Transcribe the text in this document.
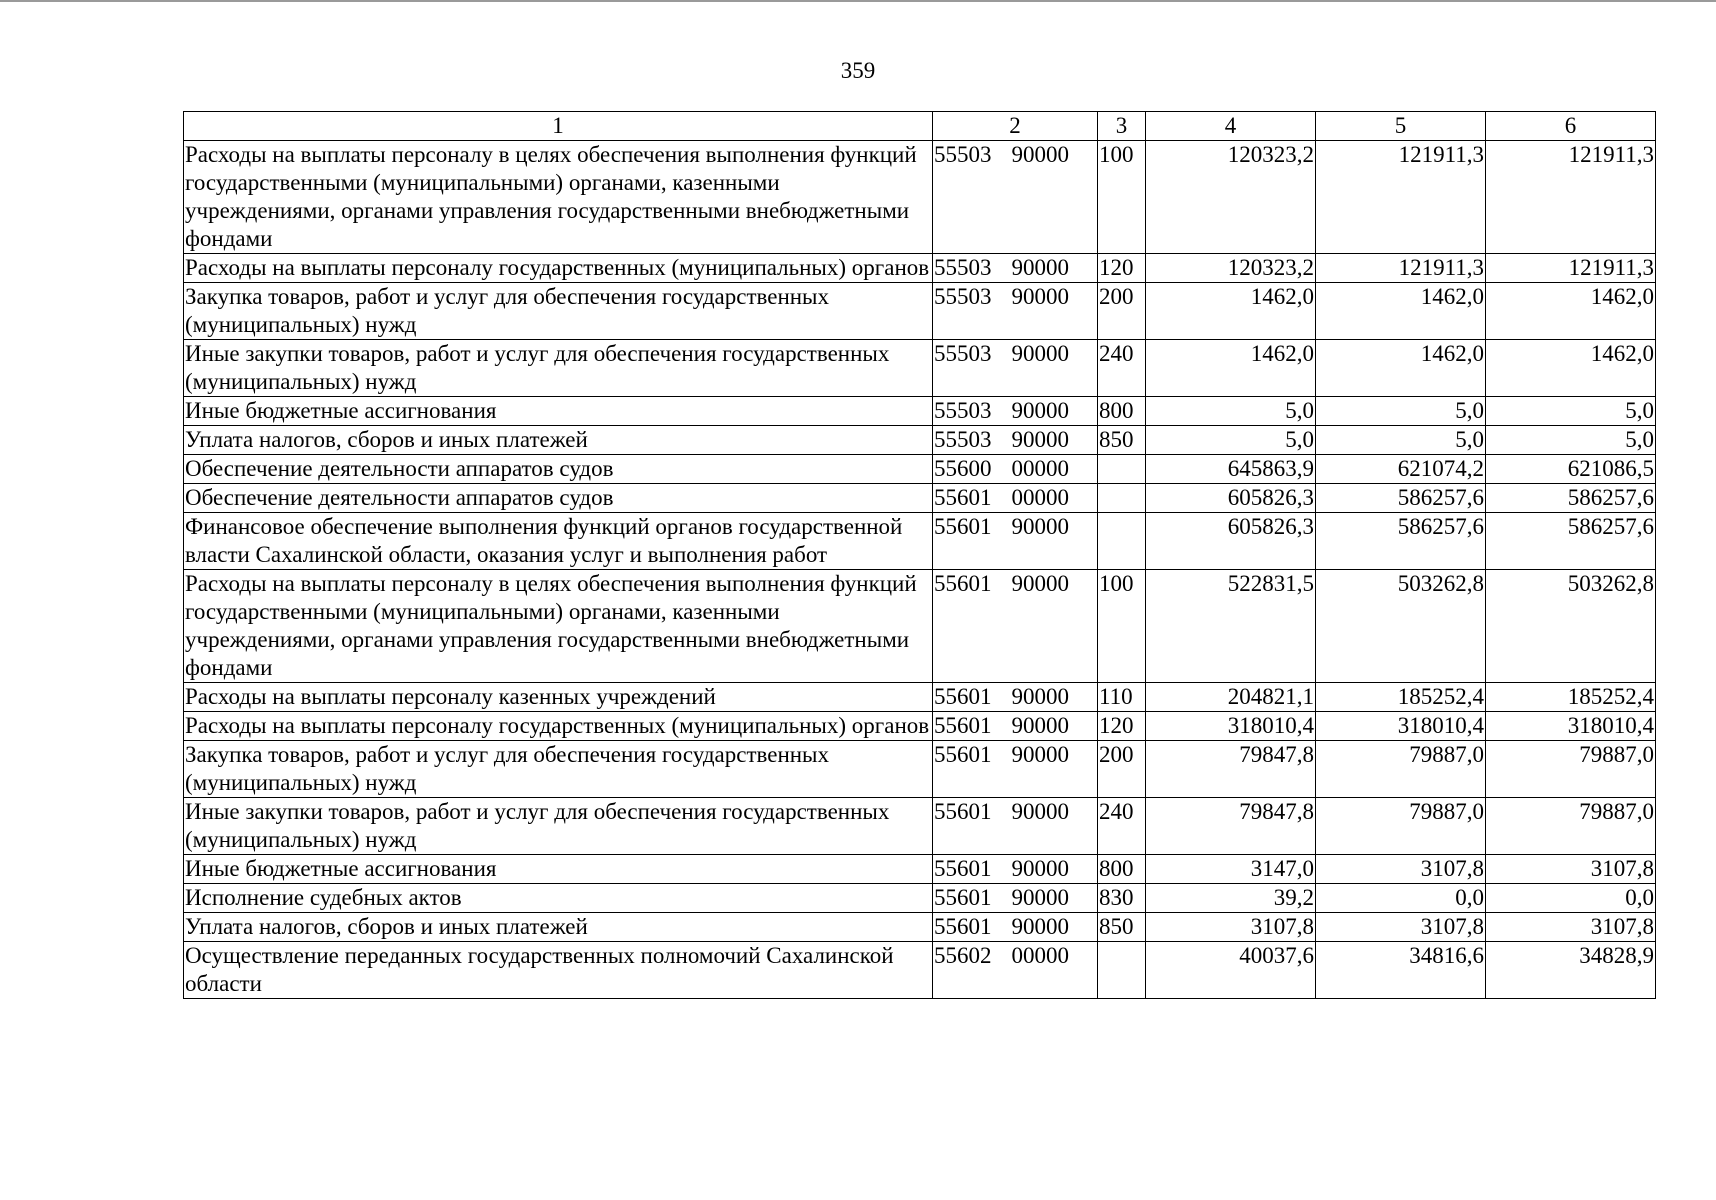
359
1	2	3	4	5	6
Расходы на выплаты персоналу в целях обеспечения выполнения функций государственными (муниципальными) органами, казенными учреждениями, органами управления государственными внебюджетными фондами	55503 90000	100	120323,2	121911,3	121911,3
Расходы на выплаты персоналу государственных (муниципальных) органов	55503 90000	120	120323,2	121911,3	121911,3
Закупка товаров, работ и услуг для обеспечения государственных (муниципальных) нужд	55503 90000	200	1462,0	1462,0	1462,0
Иные закупки товаров, работ и услуг для обеспечения государственных (муниципальных) нужд	55503 90000	240	1462,0	1462,0	1462,0
Иные бюджетные ассигнования	55503 90000	800	5,0	5,0	5,0
Уплата налогов, сборов и иных платежей	55503 90000	850	5,0	5,0	5,0
Обеспечение деятельности аппаратов судов	55600 00000		645863,9	621074,2	621086,5
Обеспечение деятельности аппаратов судов	55601 00000		605826,3	586257,6	586257,6
Финансовое обеспечение выполнения функций органов государственной власти Сахалинской области, оказания услуг и выполнения работ	55601 90000		605826,3	586257,6	586257,6
Расходы на выплаты персоналу в целях обеспечения выполнения функций государственными (муниципальными) органами, казенными учреждениями, органами управления государственными внебюджетными фондами	55601 90000	100	522831,5	503262,8	503262,8
Расходы на выплаты персоналу казенных учреждений	55601 90000	110	204821,1	185252,4	185252,4
Расходы на выплаты персоналу государственных (муниципальных) органов	55601 90000	120	318010,4	318010,4	318010,4
Закупка товаров, работ и услуг для обеспечения государственных (муниципальных) нужд	55601 90000	200	79847,8	79887,0	79887,0
Иные закупки товаров, работ и услуг для обеспечения государственных (муниципальных) нужд	55601 90000	240	79847,8	79887,0	79887,0
Иные бюджетные ассигнования	55601 90000	800	3147,0	3107,8	3107,8
Исполнение судебных актов	55601 90000	830	39,2	0,0	0,0
Уплата налогов, сборов и иных платежей	55601 90000	850	3107,8	3107,8	3107,8
Осуществление переданных государственных полномочий Сахалинской области	55602 00000		40037,6	34816,6	34828,9
